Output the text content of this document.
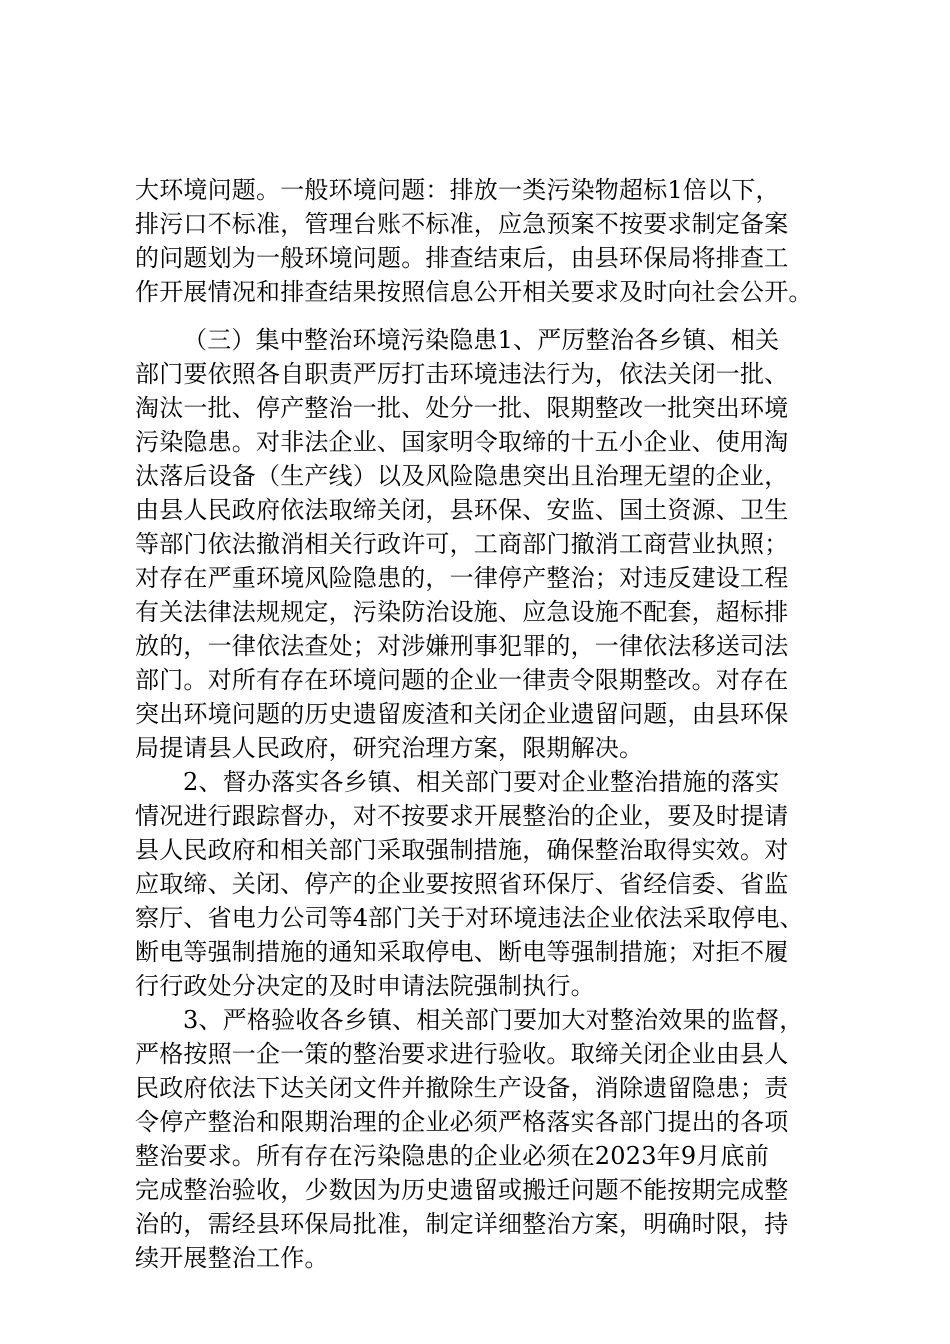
大环境问题。一般环境问题：排放一类污染物超标1倍以下，
排污口不标准，管理台账不标准，应急预案不按要求制定备案
的问题划为一般环境问题。排查结束后，由县环保局将排查工
作开展情况和排查结果按照信息公开相关要求及时向社会公开。
（三）集中整治环境污染隐患1、严厉整治各乡镇、相关
部门要依照各自职责严厉打击环境违法行为，依法关闭一批、
淘汰一批、停产整治一批、处分一批、限期整改一批突出环境
污染隐患。对非法企业、国家明令取缔的十五小企业、使用淘
汰落后设备（生产线）以及风险隐患突出且治理无望的企业，
由县人民政府依法取缔关闭，县环保、安监、国土资源、卫生
等部门依法撤消相关行政许可，工商部门撤消工商营业执照；
对存在严重环境风险隐患的，一律停产整治；对违反建设工程
有关法律法规规定，污染防治设施、应急设施不配套，超标排
放的，一律依法查处；对涉嫌刑事犯罪的，一律依法移送司法
部门。对所有存在环境问题的企业一律责令限期整改。对存在
突出环境问题的历史遗留废渣和关闭企业遗留问题，由县环保
局提请县人民政府，研究治理方案，限期解决。
2、督办落实各乡镇、相关部门要对企业整治措施的落实
情况进行跟踪督办，对不按要求开展整治的企业，要及时提请
县人民政府和相关部门采取强制措施，确保整治取得实效。对
应取缔、关闭、停产的企业要按照省环保厅、省经信委、省监
察厅、省电力公司等4部门关于对环境违法企业依法采取停电、
断电等强制措施的通知采取停电、断电等强制措施；对拒不履
行行政处分决定的及时申请法院强制执行。
3、严格验收各乡镇、相关部门要加大对整治效果的监督，
严格按照一企一策的整治要求进行验收。取缔关闭企业由县人
民政府依法下达关闭文件并撤除生产设备，消除遗留隐患；责
令停产整治和限期治理的企业必须严格落实各部门提出的各项
整治要求。所有存在污染隐患的企业必须在2023年9月底前
完成整治验收，少数因为历史遗留或搬迁问题不能按期完成整
治的，需经县环保局批准，制定详细整治方案，明确时限，持
续开展整治工作。
